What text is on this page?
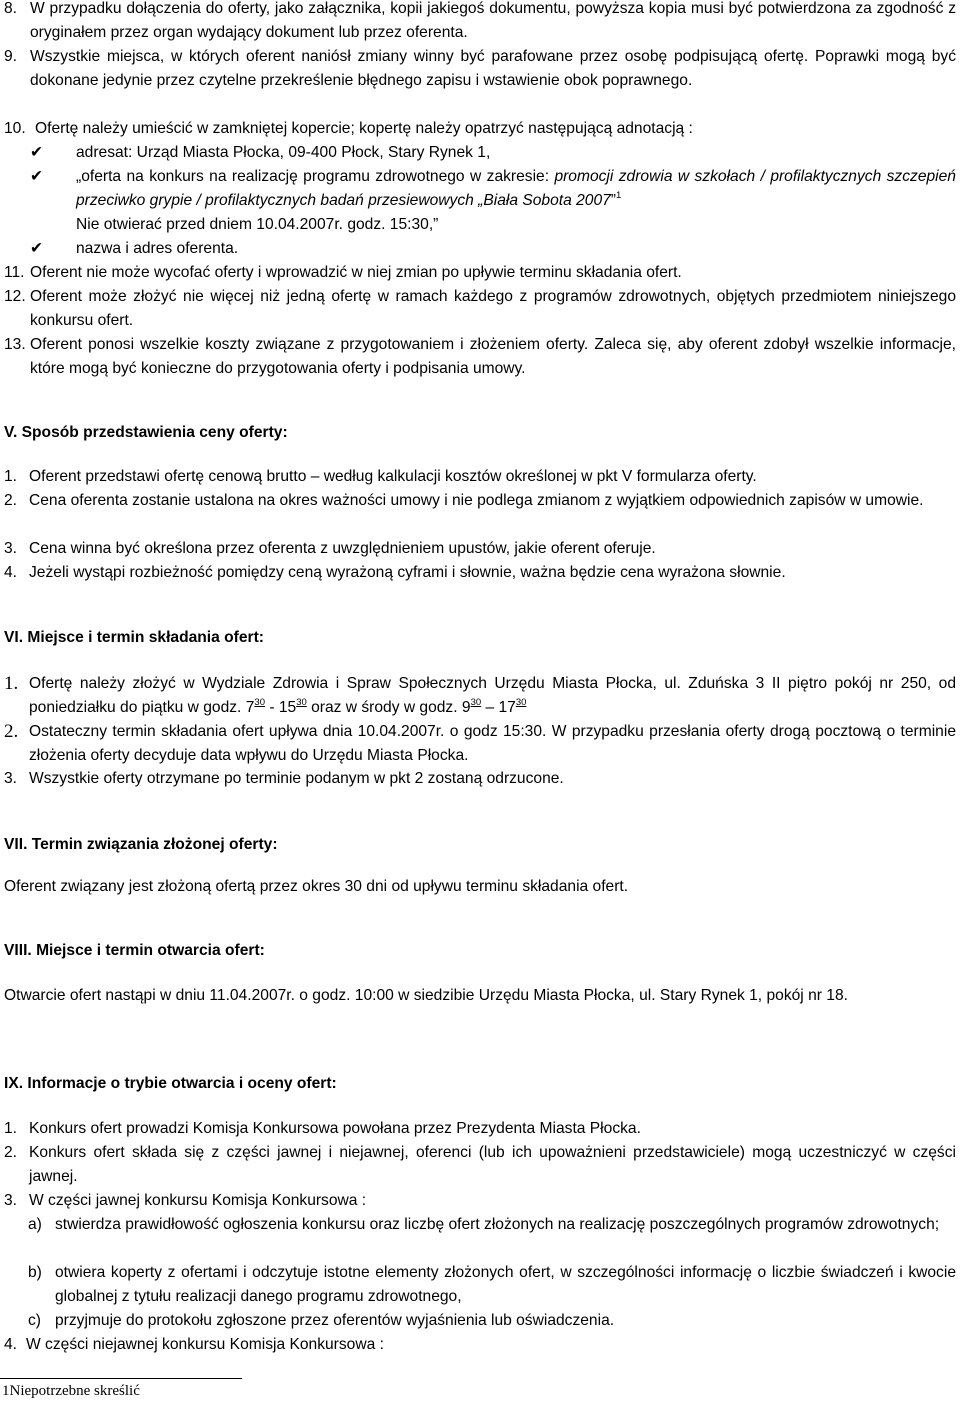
8. W przypadku dołączenia do oferty, jako załącznika, kopii jakiegoś dokumentu, powyższa kopia musi być potwierdzona za zgodność z oryginałem przez organ wydający dokument lub przez oferenta.
9. Wszystkie miejsca, w których oferent naniósł zmiany winny być parafowane przez osobę podpisującą ofertę. Poprawki mogą być dokonane jedynie przez czytelne przekreślenie błędnego zapisu i wstawienie obok poprawnego.
10. Ofertę należy umieścić w zamkniętej kopercie; kopertę należy opatrzyć następującą adnotacją :
✔	adresat: Urząd Miasta Płocka, 09-400 Płock, Stary Rynek 1,
✔	„oferta na konkurs na realizację programu zdrowotnego w zakresie: promocji zdrowia w szkołach / profilaktycznych szczepień przeciwko grypie / profilaktycznych badań przesiewowych „Biała Sobota 2007”$^1$
Nie otwierać przed dniem 10.04.2007r. godz. 15:30,”
✔	nazwa i adres oferenta.
11. Oferent nie może wycofać oferty i wprowadzić w niej zmian po upływie terminu składania ofert.
12. Oferent może złożyć nie więcej niż jedną ofertę w ramach każdego z programów zdrowotnych, objętych przedmiotem niniejszego konkursu ofert.
13. Oferent ponosi wszelkie koszty związane z przygotowaniem i złożeniem oferty. Zaleca się, aby oferent zdobył wszelkie informacje, które mogą być konieczne do przygotowania oferty i podpisania umowy.
V. Sposób przedstawienia ceny oferty:
1. Oferent przedstawi ofertę cenową brutto – według kalkulacji kosztów określonej w pkt V formularza oferty.
2. Cena oferenta zostanie ustalona na okres ważności umowy i nie podlega zmianom z wyjątkiem odpowiednich zapisów w umowie.
3. Cena winna być określona przez oferenta z uwzględnieniem upustów, jakie oferent oferuje.
4. Jeżeli wystąpi rozbieżność pomiędzy ceną wyrażoną cyframi i słownie, ważna będzie cena wyrażona słownie.
VI. Miejsce i termin składania ofert:
1. Ofertę należy złożyć w Wydziale Zdrowia i Spraw Społecznych Urzędu Miasta Płocka, ul. Zduńska 3 II piętro pokój nr 250, od poniedziałku do piątku w godz. $7^{30} - 15^{30}$ oraz w środy w godz. $9^{30} - 17^{30}$
2. Ostateczny termin składania ofert upływa dnia 10.04.2007r. o godz 15:30. W przypadku przesłania oferty drogą pocztową o terminie złożenia oferty decyduje data wpływu do Urzędu Miasta Płocka.
3. Wszystkie oferty otrzymane po terminie podanym w pkt 2 zostaną odrzucone.
VII. Termin związania złożonej oferty:
Oferent związany jest złożoną ofertą przez okres 30 dni od upływu terminu składania ofert.
VIII. Miejsce i termin otwarcia ofert:
Otwarcie ofert nastąpi w dniu 11.04.2007r. o godz. 10:00 w siedzibie Urzędu Miasta Płocka, ul. Stary Rynek 1, pokój nr 18.
IX. Informacje o trybie otwarcia i oceny ofert:
1. Konkurs ofert prowadzi Komisja Konkursowa powołana przez Prezydenta Miasta Płocka.
2. Konkurs ofert składa się z części jawnej i niejawnej, oferenci (lub ich upoważnieni przedstawiciele) mogą uczestniczyć w części jawnej.
3. W części jawnej konkursu Komisja Konkursowa :
a) stwierdza prawidłowość ogłoszenia konkursu oraz liczbę ofert złożonych na realizację poszczególnych programów zdrowotnych;
b) otwiera koperty z ofertami i odczytuje istotne elementy złożonych ofert, w szczególności informację o liczbie świadczeń i kwocie globalnej z tytułu realizacji danego programu zdrowotnego,
c) przyjmuje do protokołu zgłoszone przez oferentów wyjaśnienia lub oświadczenia.
4. W części niejawnej konkursu Komisja Konkursowa :
1Niepotrzebne skreślić
